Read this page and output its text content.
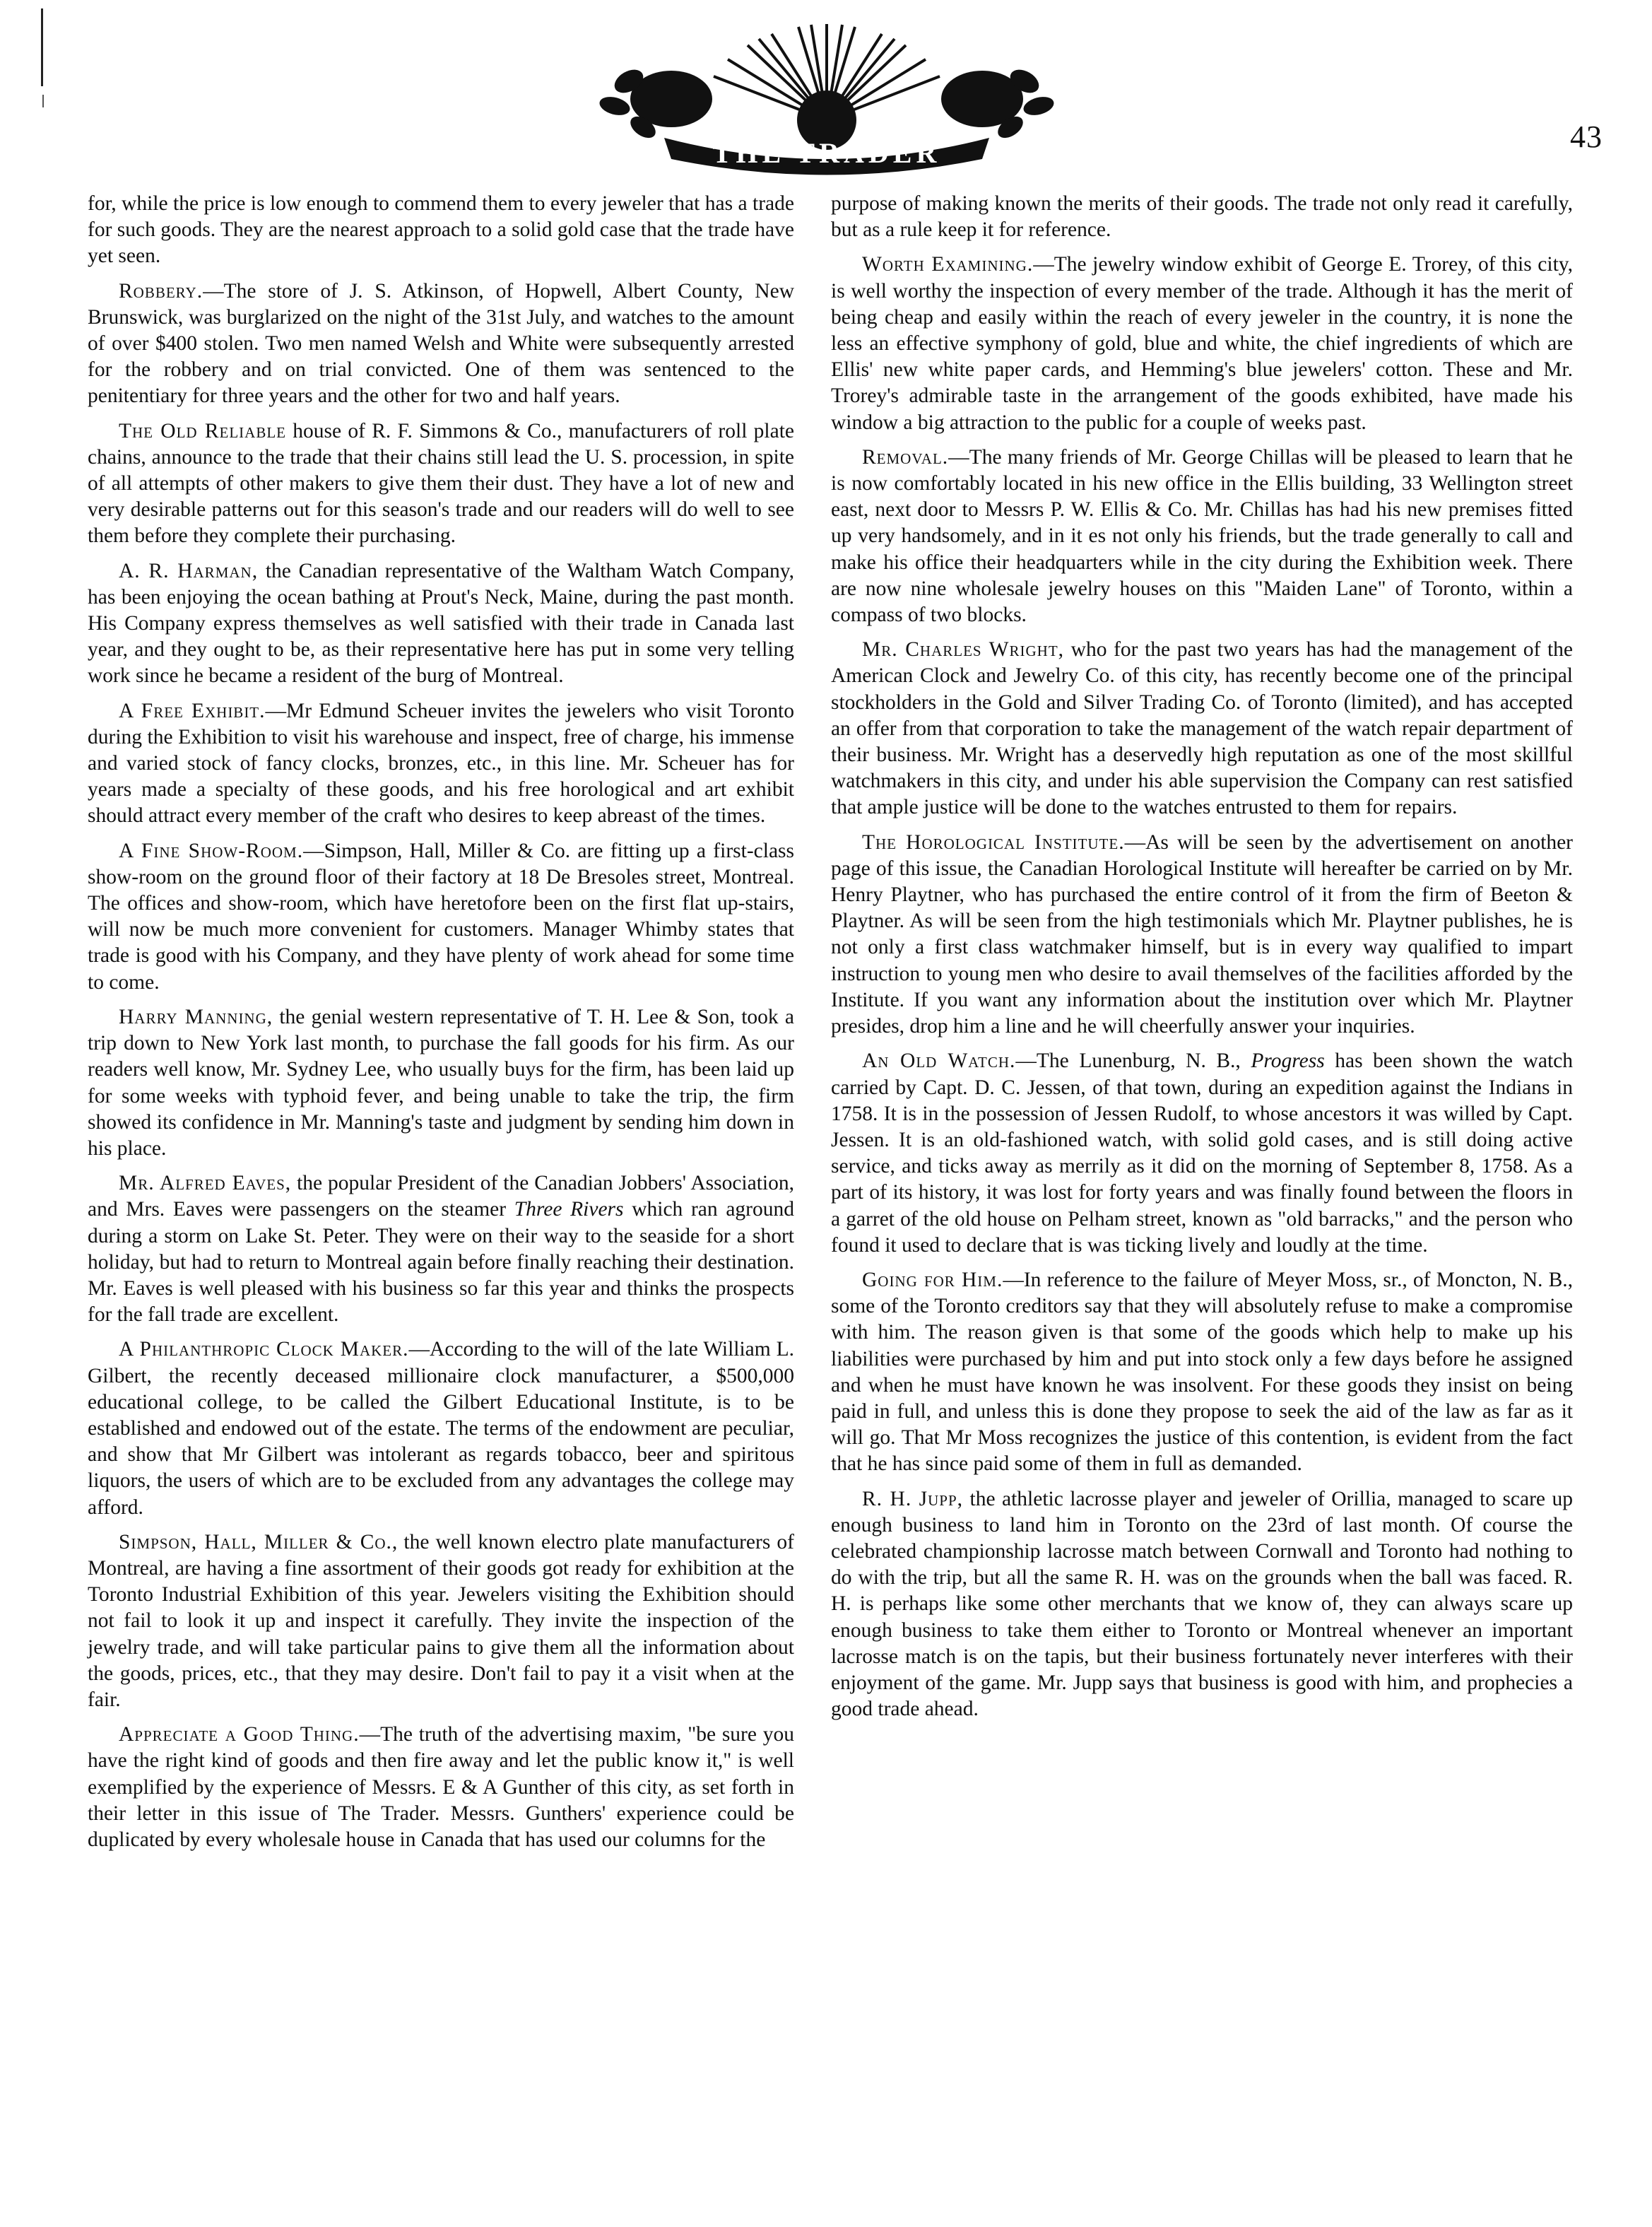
THE TRADER	43

for, while the price is low enough to commend them to every jeweler that has a trade for such goods. They are the nearest approach to a solid gold case that the trade have yet seen.

Robbery.—The store of J. S. Atkinson, of Hopwell, Albert County, New Brunswick, was burglarized on the night of the 31st July, and watches to the amount of over $400 stolen. Two men named Welsh and White were subsequently arrested for the robbery and on trial convicted. One of them was sentenced to the penitentiary for three years and the other for two and half years.

The Old Reliable house of R. F. Simmons & Co., manufacturers of roll plate chains, announce to the trade that their chains still lead the U. S. procession, in spite of all attempts of other makers to give them their dust. They have a lot of new and very desirable patterns out for this season's trade and our readers will do well to see them before they complete their purchasing.

A. R. Harman, the Canadian representative of the Waltham Watch Company, has been enjoying the ocean bathing at Prout's Neck, Maine, during the past month. His Company express themselves as well satisfied with their trade in Canada last year, and they ought to be, as their representative here has put in some very telling work since he became a resident of the burg of Montreal.

A Free Exhibit.—Mr Edmund Scheuer invites the jewelers who visit Toronto during the Exhibition to visit his warehouse and inspect, free of charge, his immense and varied stock of fancy clocks, bronzes, etc., in this line. Mr. Scheuer has for years made a specialty of these goods, and his free horological and art exhibit should attract every member of the craft who desires to keep abreast of the times.

A Fine Show-Room.—Simpson, Hall, Miller & Co. are fitting up a first-class show-room on the ground floor of their factory at 18 De Bresoles street, Montreal. The offices and show-room, which have heretofore been on the first flat up-stairs, will now be much more convenient for customers. Manager Whimby states that trade is good with his Company, and they have plenty of work ahead for some time to come.

Harry Manning, the genial western representative of T. H. Lee & Son, took a trip down to New York last month, to purchase the fall goods for his firm. As our readers well know, Mr. Sydney Lee, who usually buys for the firm, has been laid up for some weeks with typhoid fever, and being unable to take the trip, the firm showed its confidence in Mr. Manning's taste and judgment by sending him down in his place.

Mr. Alfred Eaves, the popular President of the Canadian Jobbers' Association, and Mrs. Eaves were passengers on the steamer Three Rivers which ran aground during a storm on Lake St. Peter. They were on their way to the seaside for a short holiday, but had to return to Montreal again before finally reaching their destination. Mr. Eaves is well pleased with his business so far this year and thinks the prospects for the fall trade are excellent.

A Philanthropic Clock Maker.—According to the will of the late William L. Gilbert, the recently deceased millionaire clock manufacturer, a $500,000 educational college, to be called the Gilbert Educational Institute, is to be established and endowed out of the estate. The terms of the endowment are peculiar, and show that Mr Gilbert was intolerant as regards tobacco, beer and spiritous liquors, the users of which are to be excluded from any advantages the college may afford.

Simpson, Hall, Miller & Co., the well known electro plate manufacturers of Montreal, are having a fine assortment of their goods got ready for exhibition at the Toronto Industrial Exhibition of this year. Jewelers visiting the Exhibition should not fail to look it up and inspect it carefully. They invite the inspection of the jewelry trade, and will take particular pains to give them all the information about the goods, prices, etc., that they may desire. Don't fail to pay it a visit when at the fair.

Appreciate a Good Thing.—The truth of the advertising maxim, "be sure you have the right kind of goods and then fire away and let the public know it," is well exemplified by the experience of Messrs. E & A Gunther of this city, as set forth in their letter in this issue of The Trader. Messrs. Gunthers' experience could be duplicated by every wholesale house in Canada that has used our columns for the

purpose of making known the merits of their goods. The trade not only read it carefully, but as a rule keep it for reference.

Worth Examining.—The jewelry window exhibit of George E. Trorey, of this city, is well worthy the inspection of every member of the trade. Although it has the merit of being cheap and easily within the reach of every jeweler in the country, it is none the less an effective symphony of gold, blue and white, the chief ingredients of which are Ellis' new white paper cards, and Hemming's blue jewelers' cotton. These and Mr. Trorey's admirable taste in the arrangement of the goods exhibited, have made his window a big attraction to the public for a couple of weeks past.

Removal.—The many friends of Mr. George Chillas will be pleased to learn that he is now comfortably located in his new office in the Ellis building, 33 Wellington street east, next door to Messrs P. W. Ellis & Co. Mr. Chillas has had his new premises fitted up very handsomely, and in it es not only his friends, but the trade generally to call and make his office their headquarters while in the city during the Exhibition week. There are now nine wholesale jewelry houses on this "Maiden Lane" of Toronto, within a compass of two blocks.

Mr. Charles Wright, who for the past two years has had the management of the American Clock and Jewelry Co. of this city, has recently become one of the principal stockholders in the Gold and Silver Trading Co. of Toronto (limited), and has accepted an offer from that corporation to take the management of the watch repair department of their business. Mr. Wright has a deservedly high reputation as one of the most skillful watchmakers in this city, and under his able supervision the Company can rest satisfied that ample justice will be done to the watches entrusted to them for repairs.

The Horological Institute.—As will be seen by the advertisement on another page of this issue, the Canadian Horological Institute will hereafter be carried on by Mr. Henry Playtner, who has purchased the entire control of it from the firm of Beeton & Playtner. As will be seen from the high testimonials which Mr. Playtner publishes, he is not only a first class watchmaker himself, but is in every way qualified to impart instruction to young men who desire to avail themselves of the facilities afforded by the Institute. If you want any information about the institution over which Mr. Playtner presides, drop him a line and he will cheerfully answer your inquiries.

An Old Watch.—The Lunenburg, N. B., Progress has been shown the watch carried by Capt. D. C. Jessen, of that town, during an expedition against the Indians in 1758. It is in the possession of Jessen Rudolf, to whose ancestors it was willed by Capt. Jessen. It is an old-fashioned watch, with solid gold cases, and is still doing active service, and ticks away as merrily as it did on the morning of September 8, 1758. As a part of its history, it was lost for forty years and was finally found between the floors in a garret of the old house on Pelham street, known as "old barracks," and the person who found it used to declare that is was ticking lively and loudly at the time.

Going for Him.—In reference to the failure of Meyer Moss, sr., of Moncton, N. B., some of the Toronto creditors say that they will absolutely refuse to make a compromise with him. The reason given is that some of the goods which help to make up his liabilities were purchased by him and put into stock only a few days before he assigned and when he must have known he was insolvent. For these goods they insist on being paid in full, and unless this is done they propose to seek the aid of the law as far as it will go. That Mr Moss recognizes the justice of this contention, is evident from the fact that he has since paid some of them in full as demanded.

R. H. Jupp, the athletic lacrosse player and jeweler of Orillia, managed to scare up enough business to land him in Toronto on the 23rd of last month. Of course the celebrated championship lacrosse match between Cornwall and Toronto had nothing to do with the trip, but all the same R. H. was on the grounds when the ball was faced. R. H. is perhaps like some other merchants that we know of, they can always scare up enough business to take them either to Toronto or Montreal whenever an important lacrosse match is on the tapis, but their business fortunately never interferes with their enjoyment of the game. Mr. Jupp says that business is good with him, and prophecies a good trade ahead.
